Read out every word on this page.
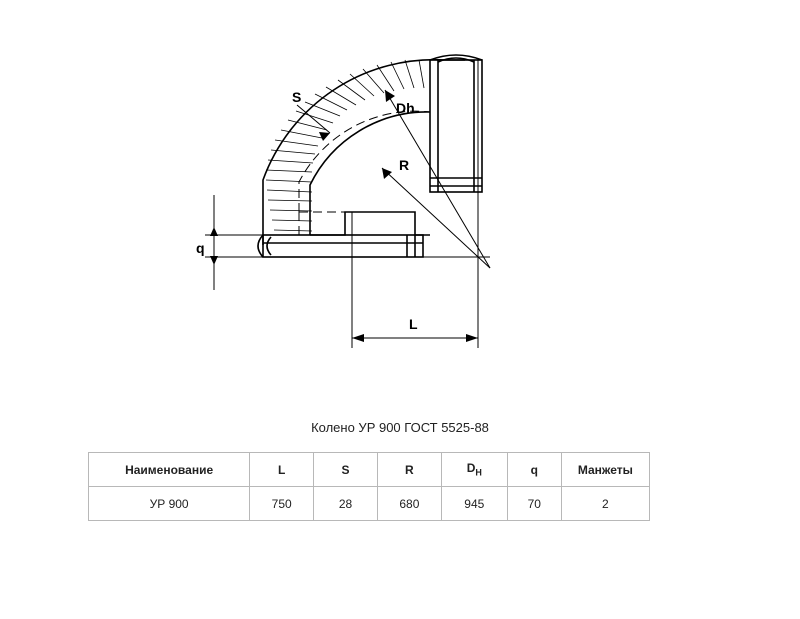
R
Dh
S
q
L
Колено УР 900 ГОСТ 5525-88
Наименование	L	S	R	$D_Н$	q	Манжеты
УР 900	750	28	680	945	70	2
